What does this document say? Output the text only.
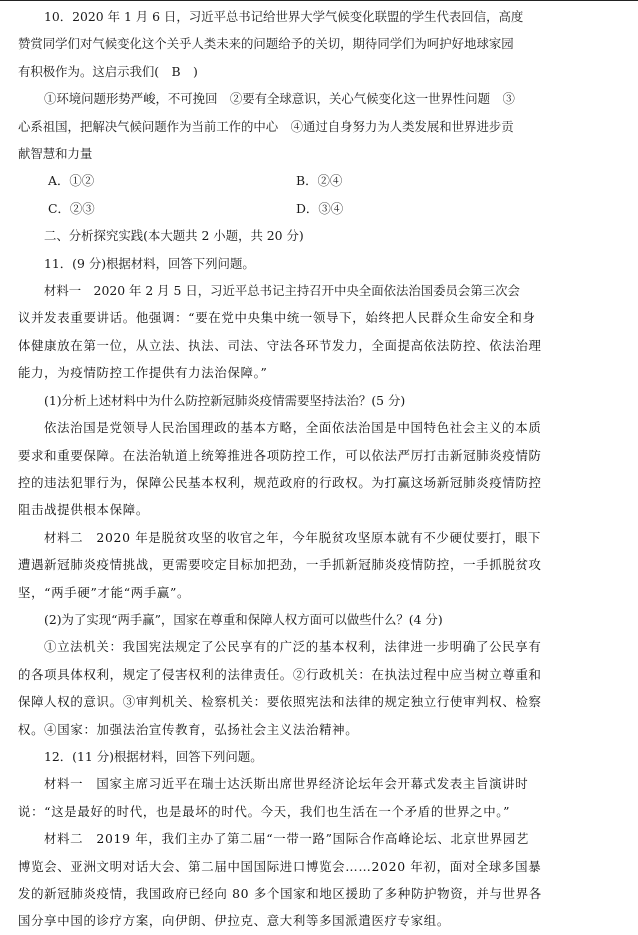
10．2020 年 1 月 6 日，习近平总书记给世界大学气候变化联盟的学生代表回信，高度

赞赏同学们对气候变化这个关乎人类未来的问题给予的关切，期待同学们为呵护好地球家园

有积极作为。这启示我们(　B　)

①环境问题形势严峻，不可挽回　②要有全球意识，关心气候变化这一世界性问题　③

心系祖国，把解决气候问题作为当前工作的中心　④通过自身努力为人类发展和世界进步贡

献智慧和力量

A．①②	B．②④
C．②③	D．③④

二、分析探究实践(本大题共 2 小题，共 20 分)

11．(9 分)根据材料，回答下列问题。

材料一　2020 年 2 月 5 日，习近平总书记主持召开中央全面依法治国委员会第三次会

议并发表重要讲话。他强调：“要在党中央集中统一领导下，始终把人民群众生命安全和身

体健康放在第一位，从立法、执法、司法、守法各环节发力，全面提高依法防控、依法治理

能力，为疫情防控工作提供有力法治保障。”

(1)分析上述材料中为什么防控新冠肺炎疫情需要坚持法治？(5 分)

依法治国是党领导人民治国理政的基本方略，全面依法治国是中国特色社会主义的本质

要求和重要保障。在法治轨道上统筹推进各项防控工作，可以依法严厉打击新冠肺炎疫情防

控的违法犯罪行为，保障公民基本权利，规范政府的行政权。为打赢这场新冠肺炎疫情防控

阻击战提供根本保障。

材料二　2020 年是脱贫攻坚的收官之年，今年脱贫攻坚原本就有不少硬仗要打，眼下

遭遇新冠肺炎疫情挑战，更需要咬定目标加把劲，一手抓新冠肺炎疫情防控，一手抓脱贫攻

坚，“两手硬”才能“两手赢”。

(2)为了实现“两手赢”，国家在尊重和保障人权方面可以做些什么？(4 分)

①立法机关：我国宪法规定了公民享有的广泛的基本权利，法律进一步明确了公民享有

的各项具体权利，规定了侵害权利的法律责任。②行政机关：在执法过程中应当树立尊重和

保障人权的意识。③审判机关、检察机关：要依照宪法和法律的规定独立行使审判权、检察

权。④国家：加强法治宣传教育，弘扬社会主义法治精神。

12．(11 分)根据材料，回答下列问题。

材料一　国家主席习近平在瑞士达沃斯出席世界经济论坛年会开幕式发表主旨演讲时

说：“这是最好的时代，也是最坏的时代。今天，我们也生活在一个矛盾的世界之中。”

材料二　2019 年，我们主办了第二届“一带一路”国际合作高峰论坛、北京世界园艺

博览会、亚洲文明对话大会、第二届中国国际进口博览会……2020 年初，面对全球多国暴

发的新冠肺炎疫情，我国政府已经向 80 多个国家和地区援助了多种防护物资，并与世界各

国分享中国的诊疗方案，向伊朗、伊拉克、意大利等多国派遣医疗专家组。
